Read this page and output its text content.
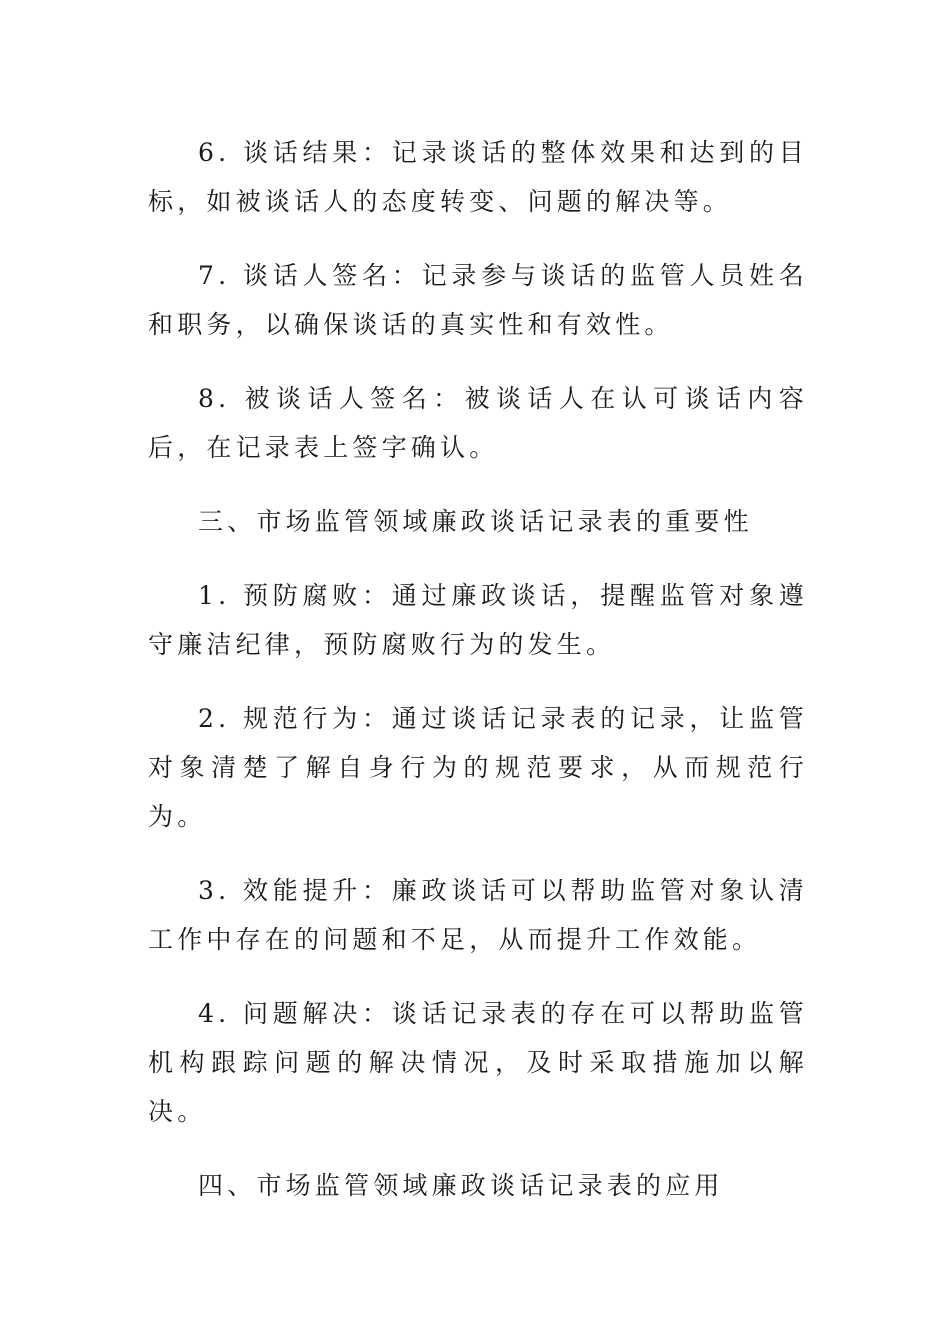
6. 谈话结果：记录谈话的整体效果和达到的目标，如被谈话人的态度转变、问题的解决等。

7. 谈话人签名：记录参与谈话的监管人员姓名和职务，以确保谈话的真实性和有效性。

8. 被谈话人签名：被谈话人在认可谈话内容后，在记录表上签字确认。

三、市场监管领域廉政谈话记录表的重要性

1. 预防腐败：通过廉政谈话，提醒监管对象遵守廉洁纪律，预防腐败行为的发生。

2. 规范行为：通过谈话记录表的记录，让监管对象清楚了解自身行为的规范要求，从而规范行为。

3. 效能提升：廉政谈话可以帮助监管对象认清工作中存在的问题和不足，从而提升工作效能。

4. 问题解决：谈话记录表的存在可以帮助监管机构跟踪问题的解决情况，及时采取措施加以解决。

四、市场监管领域廉政谈话记录表的应用
